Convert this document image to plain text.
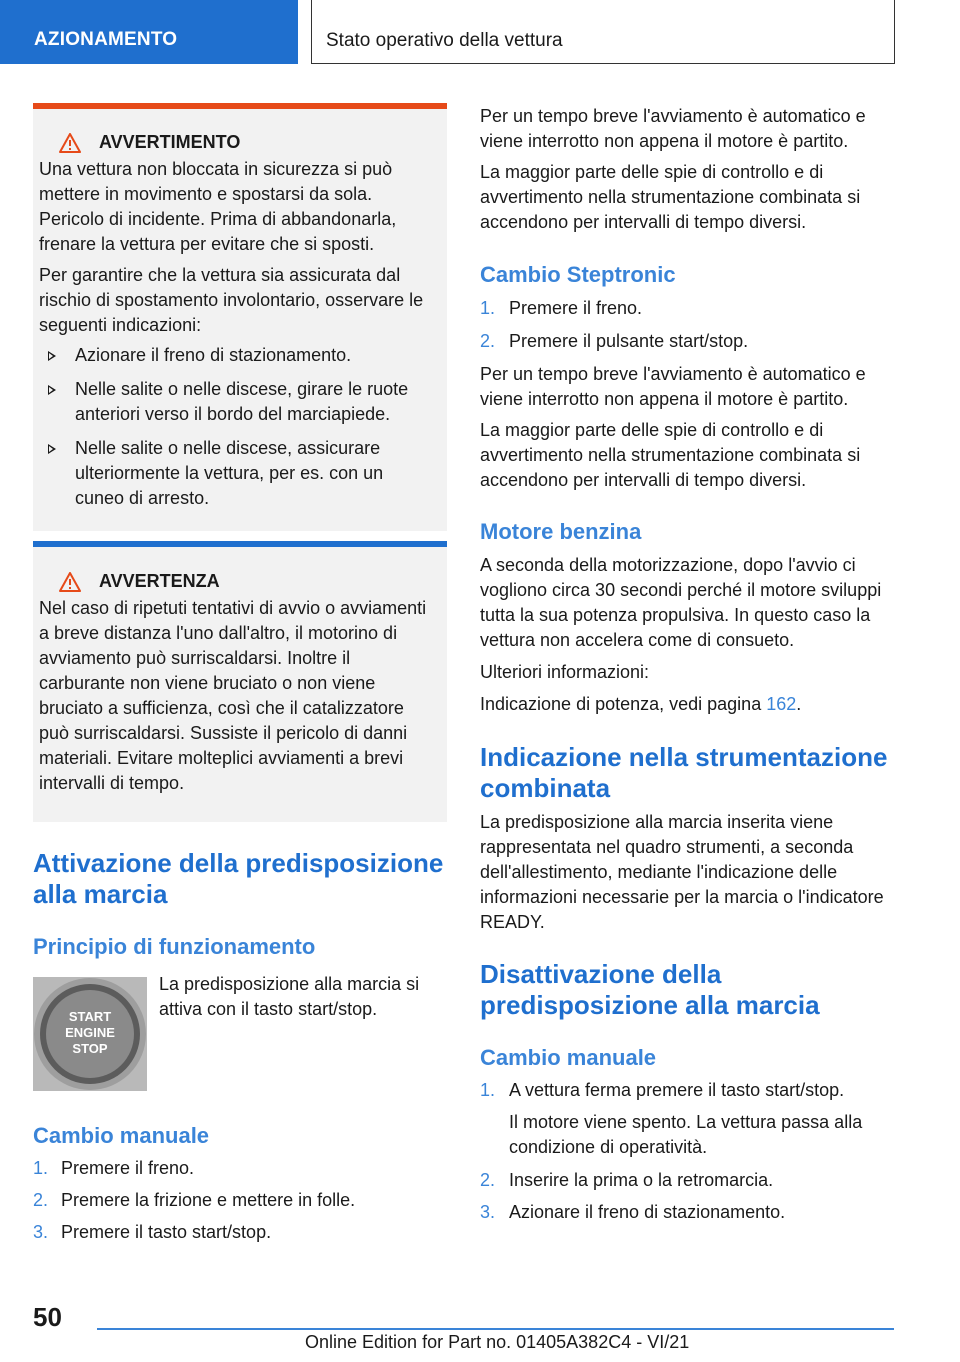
AZIONAMENTO	Stato operativo della vettura
AVVERTIMENTO

Una vettura non bloccata in sicurezza si può mettere in movimento e spostarsi da sola. Pericolo di incidente. Prima di abbandonarla, frenare la vettura per evitare che si sposti.

Per garantire che la vettura sia assicurata dal rischio di spostamento involontario, osservare le seguenti indicazioni:

Azionare il freno di stazionamento.
Nelle salite o nelle discese, girare le ruote anteriori verso il bordo del marciapiede.
Nelle salite o nelle discese, assicurare ulteriormente la vettura, per es. con un cuneo di arresto.
AVVERTENZA

Nel caso di ripetuti tentativi di avvio o avviamenti a breve distanza l'uno dall'altro, il motorino di avviamento può surriscaldarsi. Inoltre il carburante non viene bruciato o non viene bruciato a sufficienza, così che il catalizzatore può surriscaldarsi. Sussiste il pericolo di danni materiali. Evitare molteplici avviamenti a brevi intervalli di tempo.

Attivazione della predisposizione alla marcia
Principio di funzionamento
START
ENGINE
STOP

La predisposizione alla marcia si attiva con il tasto start/stop.

Cambio manuale
1. Premere il freno.

2. Premere la frizione e mettere in folle.

3. Premere il tasto start/stop.

Per un tempo breve l'avviamento è automatico e viene interrotto non appena il motore è partito.

La maggior parte delle spie di controllo e di avvertimento nella strumentazione combinata si accendono per intervalli di tempo diversi.

Cambio Steptronic
1. Premere il freno.

2. Premere il pulsante start/stop.

Per un tempo breve l'avviamento è automatico e viene interrotto non appena il motore è partito.

La maggior parte delle spie di controllo e di avvertimento nella strumentazione combinata si accendono per intervalli di tempo diversi.

Motore benzina

A seconda della motorizzazione, dopo l'avvio ci vogliono circa 30 secondi perché il motore sviluppi tutta la sua potenza propulsiva. In questo caso la vettura non accelera come di consueto.

Ulteriori informazioni:

Indicazione di potenza, vedi pagina 162.

Indicazione nella strumentazione combinata

La predisposizione alla marcia inserita viene rappresentata nel quadro strumenti, a seconda dell'allestimento, mediante l'indicazione delle informazioni necessarie per la marcia o l'indicatore READY.

Disattivazione della predisposizione alla marcia
Cambio manuale
1. A vettura ferma premere il tasto start/stop.

Il motore viene spento. La vettura passa alla condizione di operatività.

2. Inserire la prima o la retromarcia.

3. Azionare il freno di stazionamento.

50
Online Edition for Part no. 01405A382C4 - VI/21
